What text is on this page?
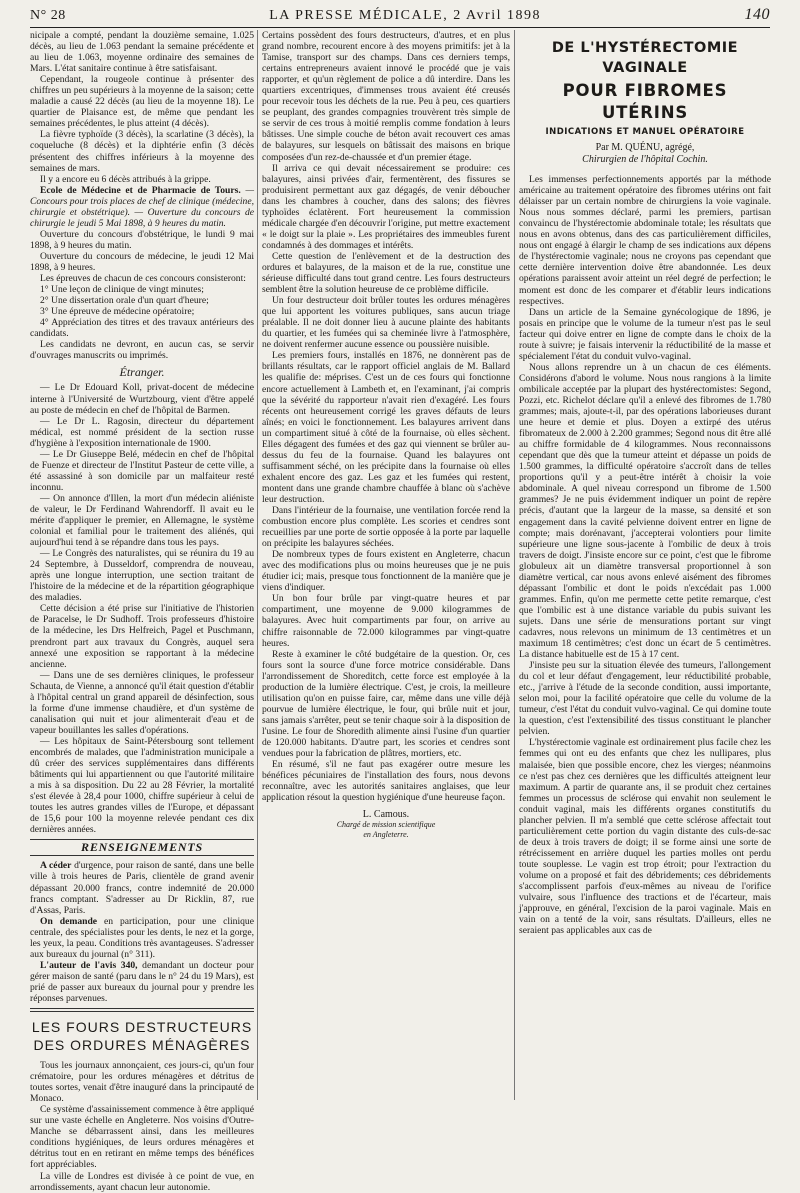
N° 28	LA PRESSE MÉDICALE, 2 Avril 1898	140

nicipale a compté, pendant la douzième semaine, 1.025 décès, au lieu de 1.063 pendant la semaine précédente et au lieu de 1.063, moyenne ordinaire des semaines de Mars. L'état sanitaire continue à être satisfaisant.

Cependant, la rougeole continue à présenter des chiffres un peu supérieurs à la moyenne de la saison; cette maladie a causé 22 décès (au lieu de la moyenne 18). Le quartier de Plaisance est, de même que pendant les semaines précédentes, le plus atteint (4 décès).

La fièvre typhoïde (3 décès), la scarlatine (3 décès), la coqueluche (8 décès) et la diphtérie enfin (3 décès présentent des chiffres inférieurs à la moyenne des semaines de mars.

Il y a encore eu 6 décès attribués à la grippe.

Ecole de Médecine et de Pharmacie de Tours. — Concours pour trois places de chef de clinique (médecine, chirurgie et obstétrique). — Ouverture du concours de chirurgie le jeudi 5 Mai 1898, à 9 heures du matin.

Ouverture du concours d'obstétrique, le lundi 9 mai 1898, à 9 heures du matin.

Ouverture du concours de médecine, le jeudi 12 Mai 1898, à 9 heures.

Les épreuves de chacun de ces concours consisteront:

1° Une leçon de clinique de vingt minutes;

2° Une dissertation orale d'un quart d'heure;

3° Une épreuve de médecine opératoire;

4° Appréciation des titres et des travaux antérieurs des candidats.

Les candidats ne devront, en aucun cas, se servir d'ouvrages manuscrits ou imprimés.

Étranger.

— Le Dr Edouard Koll, privat-docent de médecine interne à l'Université de Wurtzbourg, vient d'être appelé au poste de médecin en chef de l'hôpital de Barmen.

— Le Dr L. Ragosin, directeur du département médical, est nommé président de la section russe d'hygiène à l'exposition internationale de 1900.

— Le Dr Giuseppe Belé, médecin en chef de l'hôpital de Fuenze et directeur de l'Institut Pasteur de cette ville, a été assassiné à son domicile par un malfaiteur resté inconnu.

— On annonce d'Illen, la mort d'un médecin aliéniste de valeur, le Dr Ferdinand Wahrendorff. Il avait eu le mérite d'appliquer le premier, en Allemagne, le système colonial et familial pour le traitement des aliénés, qui aujourd'hui tend à se répandre dans tous les pays.

— Le Congrès des naturalistes, qui se réunira du 19 au 24 Septembre, à Dusseldorf, comprendra de nouveau, après une longue interruption, une section traitant de l'histoire de la médecine et de la répartition géographique des maladies.

Cette décision a été prise sur l'initiative de l'historien de Paracelse, le Dr Sudhoff. Trois professeurs d'histoire de la médecine, les Drs Helfreich, Pagel et Puschmann, prendront part aux travaux du Congrès, auquel sera annexé une exposition se rapportant à la médecine ancienne.

— Dans une de ses dernières cliniques, le professeur Schauta, de Vienne, a annoncé qu'il était question d'établir à l'hôpital central un grand appareil de désinfection, sous la forme d'une immense chaudière, et d'un système de canalisation qui nuit et jour alimenterait d'eau et de vapeur bouillantes les salles d'opérations.

— Les hôpitaux de Saint-Pétersbourg sont tellement encombrés de malades, que l'administration municipale a dû créer des services supplémentaires dans différents bâtiments qui lui appartiennent ou que l'autorité militaire a mis à sa disposition. Du 22 au 28 Février, la mortalité s'est élevée à 28,4 pour 1000, chiffre supérieur à celui de toutes les autres grandes villes de l'Europe, et dépassant de 15,6 pour 100 la moyenne relevée pendant ces dix dernières années.

RENSEIGNEMENTS

A céder d'urgence, pour raison de santé, dans une belle ville à trois heures de Paris, clientèle de grand avenir dépassant 20.000 francs, contre indemnité de 20.000 francs comptant. S'adresser au Dr Ricklin, 87, rue d'Assas, Paris.

On demande en participation, pour une clinique centrale, des spécialistes pour les dents, le nez et la gorge, les yeux, la peau. Conditions très avantageuses. S'adresser aux bureaux du journal (n° 311).

L'auteur de l'avis 340, demandant un docteur pour gérer maison de santé (paru dans le n° 24 du 19 Mars), est prié de passer aux bureaux du journal pour y prendre les réponses parvenues.

LES FOURS DESTRUCTEURS
DES ORDURES MÉNAGÈRES

Tous les journaux annonçaient, ces jours-ci, qu'un four crématoire, pour les ordures ménagères et détritus de toutes sortes, venait d'être inauguré dans la principauté de Monaco.

Ce système d'assainissement commence à être appliqué sur une vaste échelle en Angleterre. Nos voisins d'Outre-Manche se débarrassent ainsi, dans les meilleures conditions hygiéniques, de leurs ordures ménagères et détritus tout en en retirant en même temps des bénéfices fort appréciables.

La ville de Londres est divisée à ce point de vue, en arrondissements, ayant chacun leur autonomie.

Certains possèdent des fours destructeurs, d'autres, et en plus grand nombre, recourent encore à des moyens primitifs: jet à la Tamise, transport sur des champs. Dans ces derniers temps, certains entrepreneurs avaient innové le procédé que je vais rapporter, et qu'un règlement de police a dû interdire. Dans les quartiers excentriques, d'immenses trous avaient été creusés pour recevoir tous les déchets de la rue. Peu à peu, ces quartiers se peuplant, des grandes compagnies trouvèrent très simple de se servir de ces trous à moitié remplis comme fondation à leurs bâtisses. Une simple couche de béton avait recouvert ces amas de balayures, sur lesquels on bâtissait des maisons en brique composées d'un rez-de-chaussée et d'un premier étage.

Il arriva ce qui devait nécessairement se produire: ces balayures, ainsi privées d'air, fermentèrent, des fissures se produisirent permettant aux gaz dégagés, de venir déboucher dans les chambres à coucher, dans des salons; des fièvres typhoïdes éclatèrent. Fort heureusement la commission médicale chargée d'en découvrir l'origine, put mettre exactement « le doigt sur la plaie ». Les propriétaires des immeubles furent condamnés à des dommages et intérêts.

Cette question de l'enlèvement et de la destruction des ordures et balayures, de la maison et de la rue, constitue une sérieuse difficulté dans tout grand centre. Les fours destructeurs semblent être la solution heureuse de ce problème difficile.

Un four destructeur doit brûler toutes les ordures ménagères que lui apportent les voitures publiques, sans aucun triage préalable. Il ne doit donner lieu à aucune plainte des habitants du quartier, et les fumées qui sa cheminée livre à l'atmosphère, ne doivent renfermer aucune essence ou poussière nuisible.

Les premiers fours, installés en 1876, ne donnèrent pas de brillants résultats, car le rapport officiel anglais de M. Ballard les qualifie de: méprises. C'est un de ces fours qui fonctionne encore actuellement à Lambeth et, en l'examinant, j'ai compris que la sévérité du rapporteur n'avait rien d'exagéré. Les fours récents ont heureusement corrigé les graves défauts de leurs aînés; en voici le fonctionnement. Les balayures arrivent dans un compartiment situé à côté de la fournaise, où elles sèchent. Elles dégagent des fumées et des gaz qui viennent se brûler au-dessus du feu de la fournaise. Quand les balayures ont suffisamment séché, on les précipite dans la fournaise où elles exhalent encore des gaz. Les gaz et les fumées qui restent, montent dans une grande chambre chauffée à blanc où s'achève leur destruction.

Dans l'intérieur de la fournaise, une ventilation forcée rend la combustion encore plus complète. Les scories et cendres sont recueillies par une porte de sortie opposée à la porte par laquelle on précipite les balayures séchées.

De nombreux types de fours existent en Angleterre, chacun avec des modifications plus ou moins heureuses que je ne puis étudier ici; mais, presque tous fonctionnent de la manière que je viens d'indiquer.

Un bon four brûle par vingt-quatre heures et par compartiment, une moyenne de 9.000 kilogrammes de balayures. Avec huit compartiments par four, on arrive au chiffre raisonnable de 72.000 kilogrammes par vingt-quatre heures.

Reste à examiner le côté budgétaire de la question. Or, ces fours sont la source d'une force motrice considérable. Dans l'arrondissement de Shoreditch, cette force est employée à la production de la lumière électrique. C'est, je crois, la meilleure utilisation qu'on en puisse faire, car, même dans une ville déjà pourvue de lumière électrique, le four, qui brûle nuit et jour, sans jamais s'arrêter, peut se tenir chaque soir à la disposition de l'usine. Le four de Shoredith alimente ainsi l'usine d'un quartier de 120.000 habitants. D'autre part, les scories et cendres sont vendues pour la fabrication de plâtres, mortiers, etc.

En résumé, s'il ne faut pas exagérer outre mesure les bénéfices pécuniaires de l'installation des fours, nous devons reconnaître, avec les autorités sanitaires anglaises, que leur application résout la question hygiénique d'une heureuse façon.

L. Camous.
Chargé de mission scientifique
en Angleterre.
DE L'HYSTÉRECTOMIE VAGINALE
POUR FIBROMES UTÉRINS
INDICATIONS ET MANUEL OPÉRATOIRE
Par M. QUÉNU, agrégé,
Chirurgien de l'hôpital Cochin.

Les immenses perfectionnements apportés par la méthode américaine au traitement opératoire des fibromes utérins ont fait délaisser par un certain nombre de chirurgiens la voie vaginale. Nous nous sommes déclaré, parmi les premiers, partisan convaincu de l'hystérectomie abdominale totale; les résultats que nous en avons obtenus, dans des cas particulièrement difficiles, nous ont engagé à élargir le champ de ses indications aux dépens de l'hystérectomie vaginale; nous ne croyons pas cependant que cette dernière intervention doive être abandonnée. Les deux opérations paraissent avoir atteint un réel degré de perfection; le moment est donc de les comparer et d'établir leurs indications respectives.

Dans un article de la Semaine gynécologique de 1896, je posais en principe que le volume de la tumeur n'est pas le seul facteur qui doive entrer en ligne de compte dans le choix de la route à suivre; je faisais intervenir la réductibilité de la masse et spécialement l'état du conduit vulvo-vaginal.

Nous allons reprendre un à un chacun de ces éléments. Considérons d'abord le volume. Nous nous rangions à la limite ombilicale acceptée par la plupart des hystérectomistes: Segond, Pozzi, etc. Richelot déclare qu'il a enlevé des fibromes de 1.780 grammes; mais, ajoute-t-il, par des opérations laborieuses durant une heure et demie et plus. Doyen a extirpé des utérus fibromateux de 2.000 à 2.200 grammes; Segond nous dit être allé au chiffre formidable de 4 kilogrammes. Nous reconnaissons cependant que dès que la tumeur atteint et dépasse un poids de 1.500 grammes, la difficulté opératoire s'accroît dans de telles proportions qu'il y a peut-être intérêt à choisir la voie abdominale. A quel niveau correspond un fibrome de 1.500 grammes? Je ne puis évidemment indiquer un point de repère précis, d'autant que la largeur de la masse, sa densité et son engagement dans la cavité pelvienne doivent entrer en ligne de compte; mais dorénavant, j'accepterai volontiers pour limite supérieure une ligne sous-jacente à l'ombilic de deux à trois travers de doigt. J'insiste encore sur ce point, c'est que le fibrome globuleux ait un diamètre transversal proportionnel à son diamètre vertical, car nous avons enlevé aisément des fibromes dépassant l'ombilic et dont le poids n'excédait pas 1.000 grammes. Enfin, qu'on me permette cette petite remarque, c'est que l'ombilic est à une distance variable du pubis suivant les sujets. Dans une série de mensurations portant sur vingt cadavres, nous relevons un minimum de 13 centimètres et un maximum 18 centimètres; c'est donc un écart de 5 centimètres. La distance habituelle est de 15 à 17 cent.

J'insiste peu sur la situation élevée des tumeurs, l'allongement du col et leur défaut d'engagement, leur réductibilité probable, etc., j'arrive à l'étude de la seconde condition, aussi importante, selon moi, pour la facilité opératoire que celle du volume de la tumeur, c'est l'état du conduit vulvo-vaginal. Ce qui domine toute la question, c'est l'extensibilité des tissus constituant le plancher pelvien.

L'hystérectomie vaginale est ordinairement plus facile chez les femmes qui ont eu des enfants que chez les nullipares, plus malaisée, bien que possible encore, chez les vierges; néanmoins ce n'est pas chez ces dernières que les difficultés atteignent leur maximum. A partir de quarante ans, il se produit chez certaines femmes un processus de sclérose qui envahit non seulement le conduit vaginal, mais les différents organes constitutifs du plancher pelvien. Il m'a semblé que cette sclérose affectait tout particulièrement cette portion du vagin distante des culs-de-sac de deux à trois travers de doigt; il se forme ainsi une sorte de rétrécissement en arrière duquel les parties molles ont perdu toute souplesse. Le vagin est trop étroit; pour l'extraction du volume on a proposé et fait des débridements; ces débridements s'accomplissent parfois d'eux-mêmes au niveau de l'orifice vulvaire, sous l'influence des tractions et de l'écarteur, mais j'approuve, en général, l'excision de la paroi vaginale. Mais en vain on a tenté de la voir, sans résultats. D'ailleurs, elles ne seraient pas applicables aux cas de
